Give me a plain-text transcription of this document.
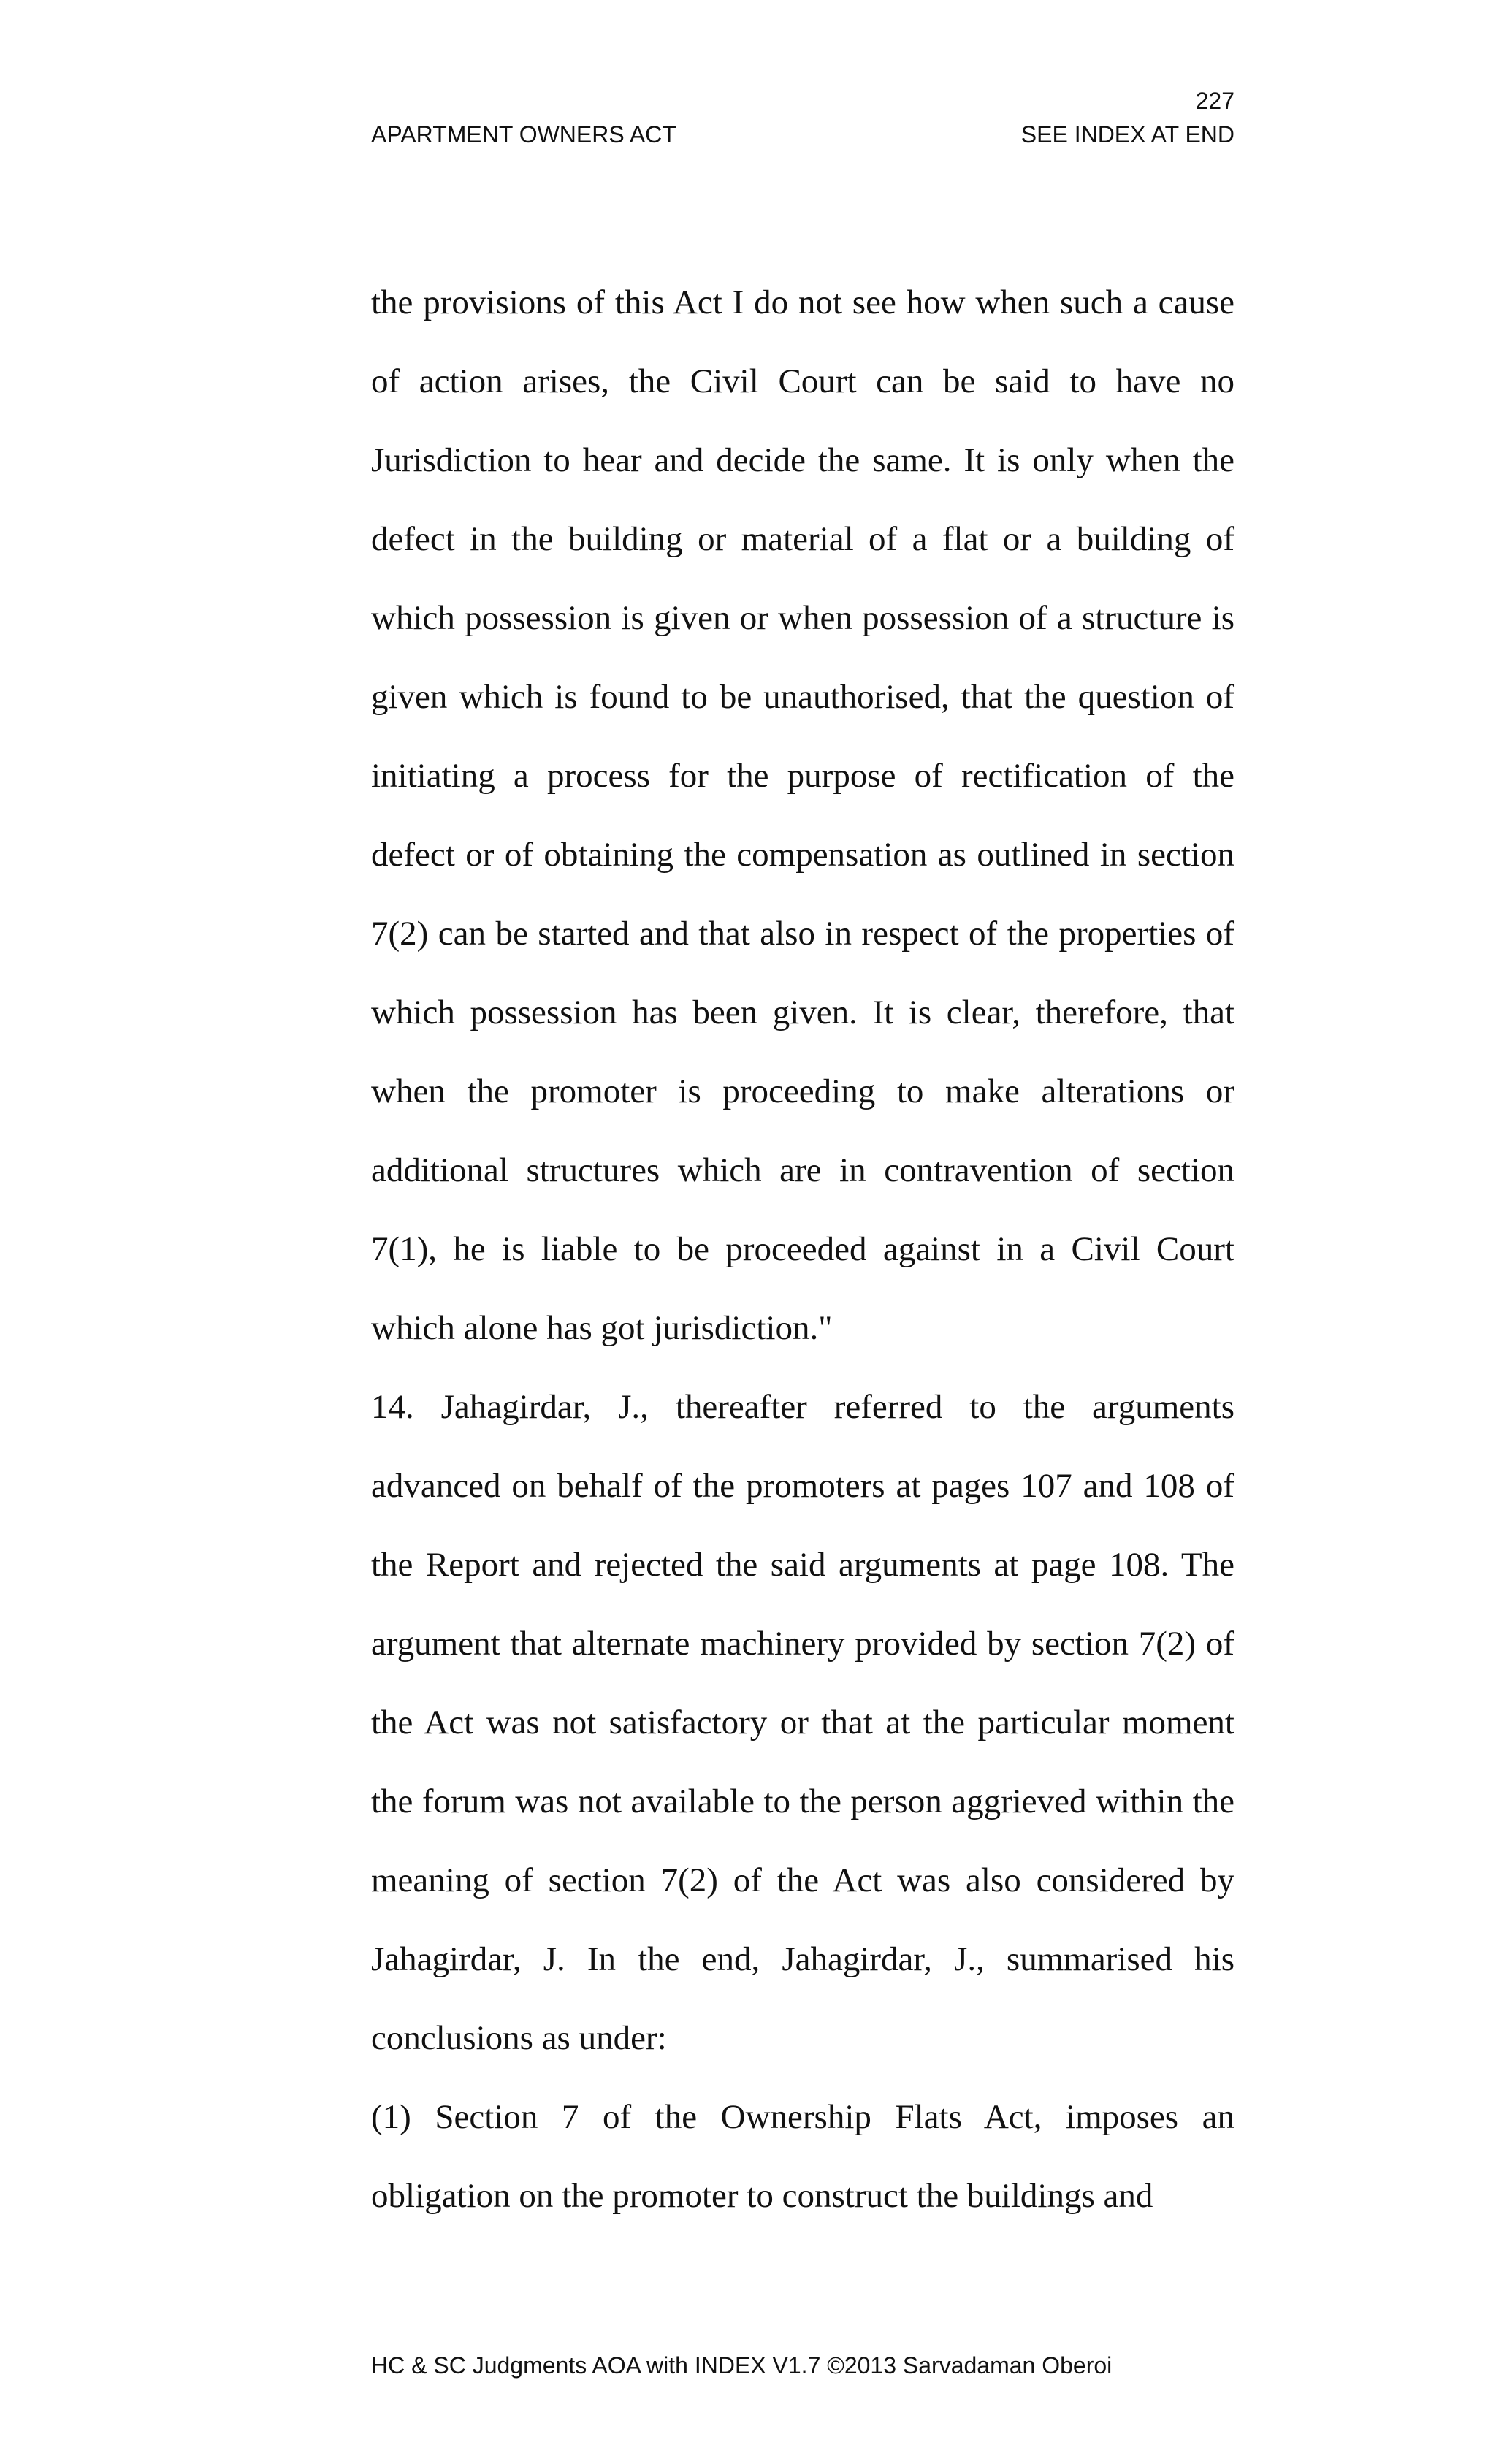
227
APARTMENT OWNERS ACT	SEE INDEX AT END

the provisions of this Act I do not see how when such a cause of action arises, the Civil Court can be said to have no Jurisdiction to hear and decide the same. It is only when the defect in the building or material of a flat or a building of which possession is given or when possession of a structure is given which is found to be unauthorised, that the question of initiating a process for the purpose of rectification of the defect or of obtaining the compensation as outlined in section 7(2) can be started and that also in respect of the properties of which possession has been given. It is clear, therefore, that when the promoter is proceeding to make alterations or additional structures which are in contravention of section 7(1), he is liable to be proceeded against in a Civil Court which alone has got jurisdiction."

14. Jahagirdar, J., thereafter referred to the arguments advanced on behalf of the promoters at pages 107 and 108 of the Report and rejected the said arguments at page 108. The argument that alternate machinery provided by section 7(2) of the Act was not satisfactory or that at the particular moment the forum was not available to the person aggrieved within the meaning of section 7(2) of the Act was also considered by Jahagirdar, J. In the end, Jahagirdar, J., summarised his conclusions as under:

(1) Section 7 of the Ownership Flats Act, imposes an obligation on the promoter to construct the buildings and

HC & SC Judgments AOA with INDEX V1.7 ©2013 Sarvadaman Oberoi
